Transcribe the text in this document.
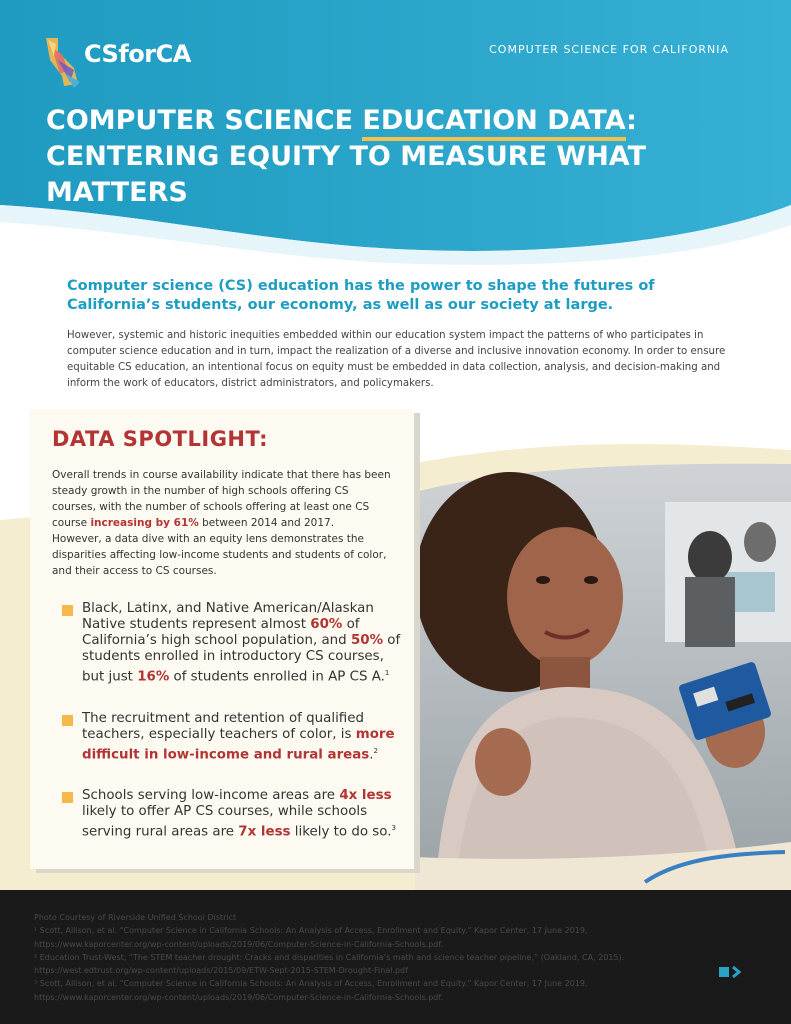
CSforCA	COMPUTER SCIENCE FOR CALIFORNIA
COMPUTER SCIENCE EDUCATION DATA:
CENTERING EQUITY TO MEASURE WHAT MATTERS
Computer science (CS) education has the power to shape the futures of California’s students, our economy, as well as our society at large.
However, systemic and historic inequities embedded within our education system impact the patterns of who participates in computer science education and in turn, impact the realization of a diverse and inclusive innovation economy. In order to ensure equitable CS education, an intentional focus on equity must be embedded in data collection, analysis, and decision-making and inform the work of educators, district administrators, and policymakers.
DATA SPOTLIGHT:
Overall trends in course availability indicate that there has been steady growth in the number of high schools offering CS courses, with the number of schools offering at least one CS course increasing by 61% between 2014 and 2017.
However, a data dive with an equity lens demonstrates the disparities affecting low-income students and students of color, and their access to CS courses.
Black, Latinx, and Native American/Alaskan Native students represent almost 60% of California’s high school population, and 50% of students enrolled in introductory CS courses, but just 16% of students enrolled in AP CS A.$^1$
The recruitment and retention of qualified teachers, especially teachers of color, is more difficult in low-income and rural areas.$^2$
Schools serving low-income areas are 4x less likely to offer AP CS courses, while schools serving rural areas are 7x less likely to do so.$^3$
Photo Courtesy of Riverside Unified School District
¹ Scott, Allison, et al. “Computer Science in California Schools: An Analysis of Access, Enrollment and Equity.” Kapor Center, 17 June 2019,
https://www.kaporcenter.org/wp-content/uploads/2019/06/Computer-Science-in-California-Schools.pdf.
² Education Trust-West, “The STEM teacher drought: Cracks and disparities in California’s math and science teacher pipeline,” (Oakland, CA, 2015).
https://west.edtrust.org/wp-content/uploads/2015/09/ETW-Sept-2015-STEM-Drought-Final.pdf
³ Scott, Allison, et al. “Computer Science in California Schools: An Analysis of Access, Enrollment and Equity.” Kapor Center, 17 June 2019,
https://www.kaporcenter.org/wp-content/uploads/2019/06/Computer-Science-in-California-Schools.pdf.
